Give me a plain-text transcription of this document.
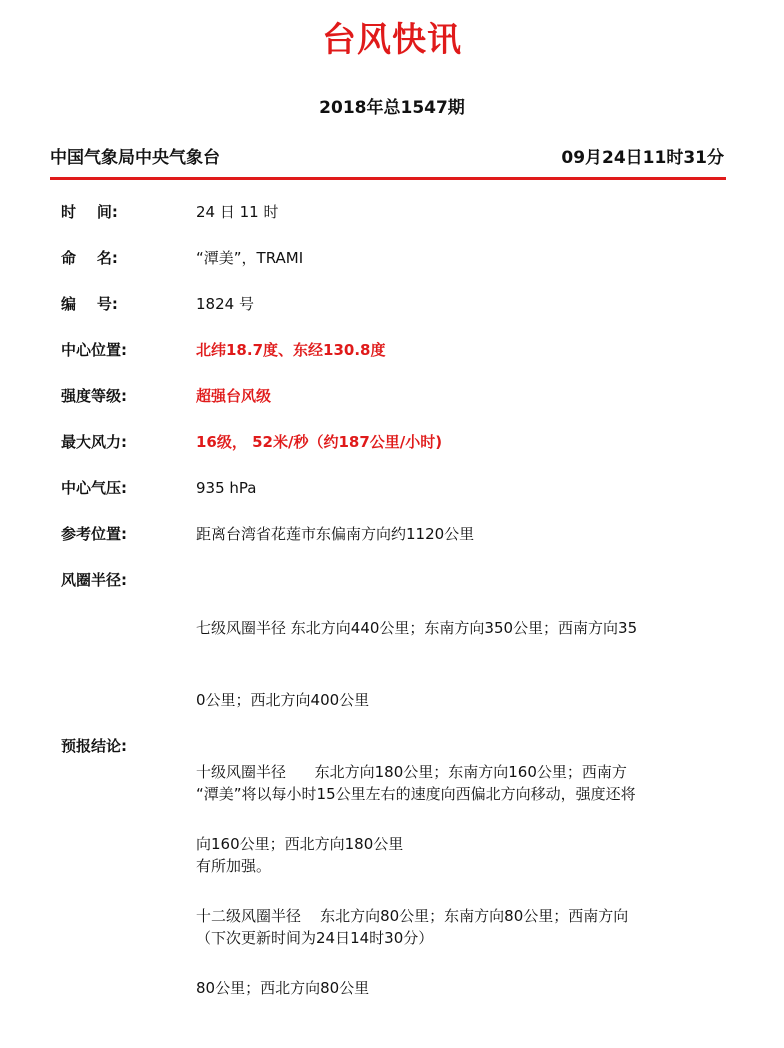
台风快讯
2018年总1547期
中国气象局中央气象台	09月24日11时31分
时    间:	24 日 11 时
命    名:	“潭美”，TRAMI
编    号:	1824 号
中心位置:	北纬18.7度、东经130.8度
强度等级:	超强台风级
最大风力:	16级， 52米/秒（约187公里/小时)
中心气压:	935 hPa
参考位置:	距离台湾省花莲市东偏南方向约1120公里
风圈半径:

七级风圈半径 东北方向440公里；东南方向350公里；西南方向35

0公里；西北方向400公里

十级风圈半径      东北方向180公里；东南方向160公里；西南方

向160公里；西北方向180公里

十二级风圈半径    东北方向80公里；东南方向80公里；西南方向

80公里；西北方向80公里

预报结论:

“潭美”将以每小时15公里左右的速度向西偏北方向移动，强度还将

有所加强。

（下次更新时间为24日14时30分）
